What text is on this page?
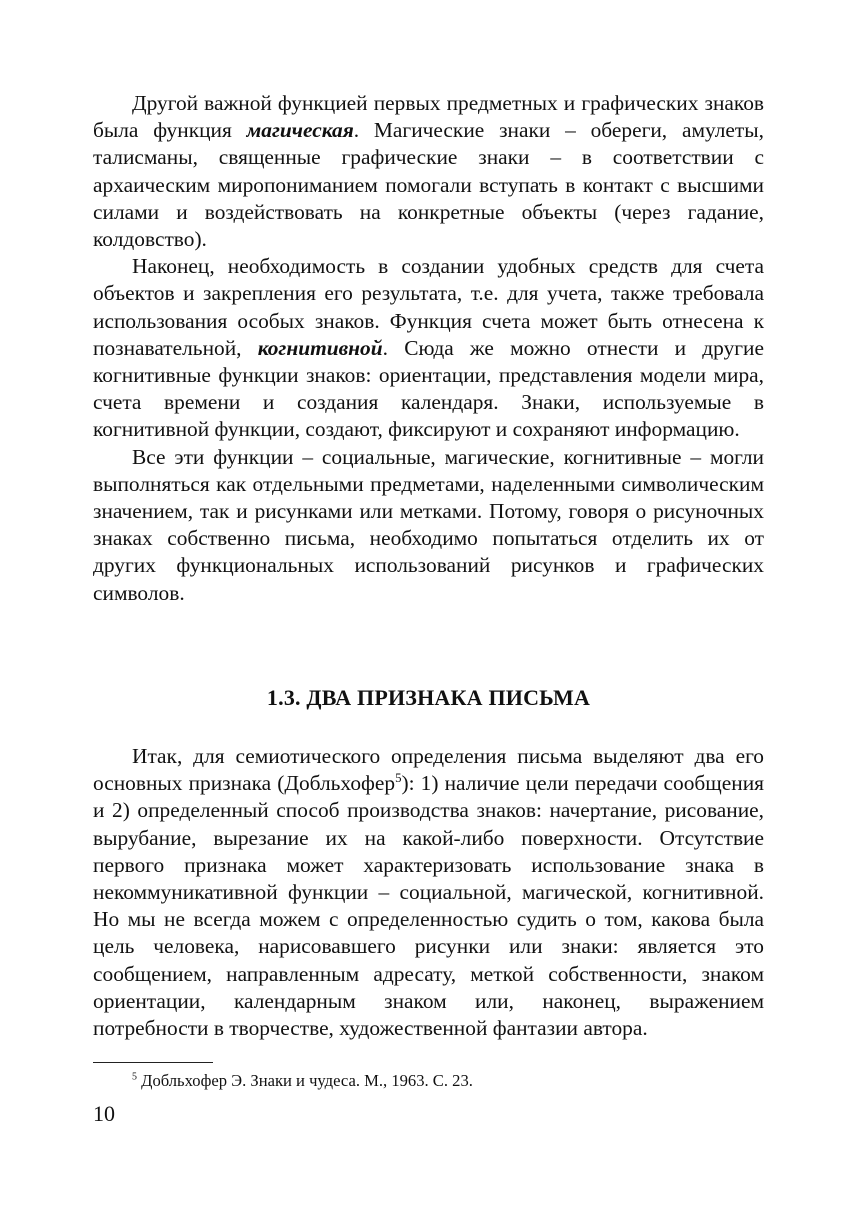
Другой важной функцией первых предметных и графических знаков была функция магическая. Магические знаки – обереги, амулеты, талисманы, священные графические знаки – в соответствии с архаическим миропониманием помогали вступать в контакт с высшими силами и воздействовать на конкретные объекты (через гадание, колдовство).

Наконец, необходимость в создании удобных средств для счета объектов и закрепления его результата, т.е. для учета, также требовала использования особых знаков. Функция счета может быть отнесена к познавательной, когнитивной. Сюда же можно отнести и другие когнитивные функции знаков: ориентации, представления модели мира, счета времени и создания календаря. Знаки, используемые в когнитивной функции, создают, фиксируют и сохраняют информацию.

Все эти функции – социальные, магические, когнитивные – могли выполняться как отдельными предметами, наделенными символическим значением, так и рисунками или метками. Потому, говоря о рисуночных знаках собственно письма, необходимо попытаться отделить их от других функциональных использований рисунков и графических символов.

1.3. ДВА ПРИЗНАКА ПИСЬМА

Итак, для семиотического определения письма выделяют два его основных признака (Добльхофер$^5$): 1) наличие цели передачи сообщения и 2) определенный способ производства знаков: начертание, рисование, вырубание, вырезание их на какой-либо поверхности. Отсутствие первого признака может характеризовать использование знака в некоммуникативной функции – социальной, магической, когнитивной. Но мы не всегда можем с определенностью судить о том, какова была цель человека, нарисовавшего рисунки или знаки: является это сообщением, направленным адресату, меткой собственности, знаком ориентации, календарным знаком или, наконец, выражением потребности в творчестве, художественной фантазии автора.

$^5$ Добльхофер Э. Знаки и чудеса. М., 1963. С. 23.

10
